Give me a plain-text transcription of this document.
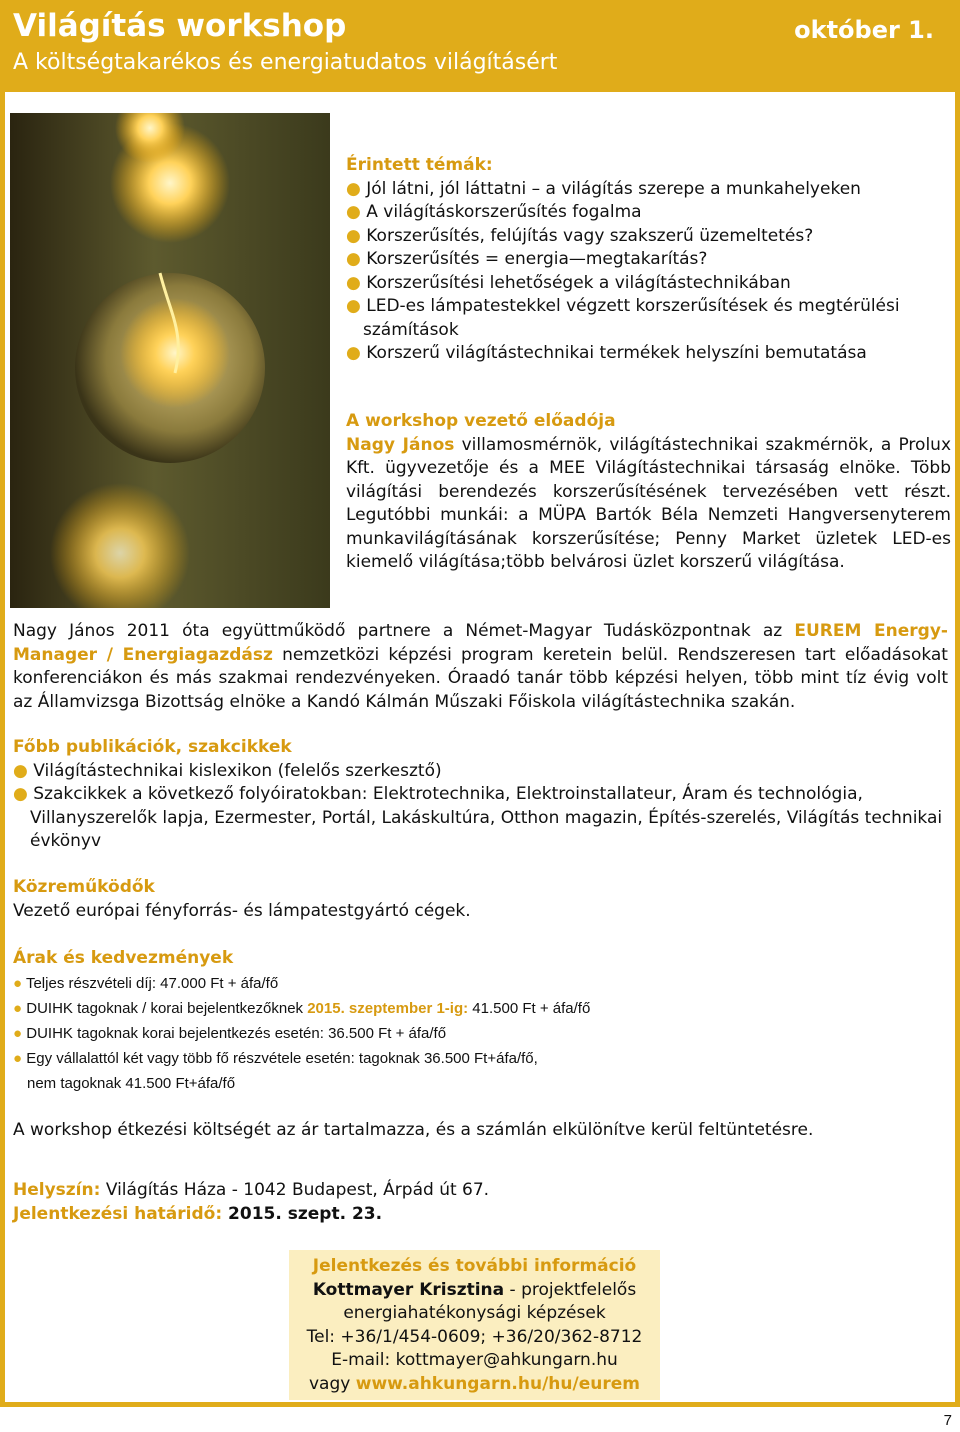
Világítás workshop	október 1.
A költségtakarékos és energiatudatos világításért
Érintett témák:
● Jól látni, jól láttatni – a világítás szerepe a munkahelyeken
● A világításkorszerűsítés fogalma
● Korszerűsítés, felújítás vagy szakszerű üzemeltetés?
● Korszerűsítés = energia—megtakarítás?
● Korszerűsítési lehetőségek a világítástechnikában
● LED-es lámpatestekkel végzett korszerűsítések és megtérülési számítások
● Korszerű világítástechnikai termékek helyszíni bemutatása
A workshop vezető előadója
Nagy János villamosmérnök, világítástechnikai szakmérnök, a Prolux Kft. ügyvezetője és a MEE Világítástechnikai társaság elnöke. Több világítási berendezés korszerűsítésének tervezésében vett részt. Legutóbbi munkái: a MÜPA Bartók Béla Nemzeti Hangversenyterem munkavilágításának korszerűsítése; Penny Market üzletek LED-es kiemelő világítása;több belvárosi üzlet korszerű világítása.
Nagy János 2011 óta együttműködő partnere a Német-Magyar Tudásközpontnak az EUREM Energy-Manager / Energiagazdász nemzetközi képzési program keretein belül. Rendszeresen tart előadásokat konferenciákon és más szakmai rendezvényeken. Óraadó tanár több képzési helyen, több mint tíz évig volt az Államvizsga Bizottság elnöke a Kandó Kálmán Műszaki Főiskola világítástechnika szakán.
Főbb publikációk, szakcikkek
● Világítástechnikai kislexikon (felelős szerkesztő)
● Szakcikkek a következő folyóiratokban: Elektrotechnika, Elektroinstallateur, Áram és technológia, Villanyszerelők lapja, Ezermester, Portál, Lakáskultúra, Otthon magazin, Építés-szerelés, Világítás technikai évkönyv
Közreműködők
Vezető európai fényforrás- és lámpatestgyártó cégek.
Árak és kedvezmények
● Teljes részvételi díj: 47.000 Ft + áfa/fő
● DUIHK tagoknak / korai bejelentkezőknek 2015. szeptember 1-ig: 41.500 Ft + áfa/fő
● DUIHK tagoknak korai bejelentkezés esetén: 36.500 Ft + áfa/fő
● Egy vállalattól két vagy több fő részvétele esetén: tagoknak 36.500 Ft+áfa/fő,
nem tagoknak 41.500 Ft+áfa/fő
A workshop étkezési költségét az ár tartalmazza, és a számlán elkülönítve kerül feltüntetésre.
Helyszín: Világítás Háza - 1042 Budapest, Árpád út 67.
Jelentkezési határidő: 2015. szept. 23.
Jelentkezés és további információ
Kottmayer Krisztina - projektfelelős
energiahatékonysági képzések
Tel: +36/1/454-0609; +36/20/362-8712
E-mail: kottmayer@ahkungarn.hu
vagy www.ahkungarn.hu/hu/eurem
7
